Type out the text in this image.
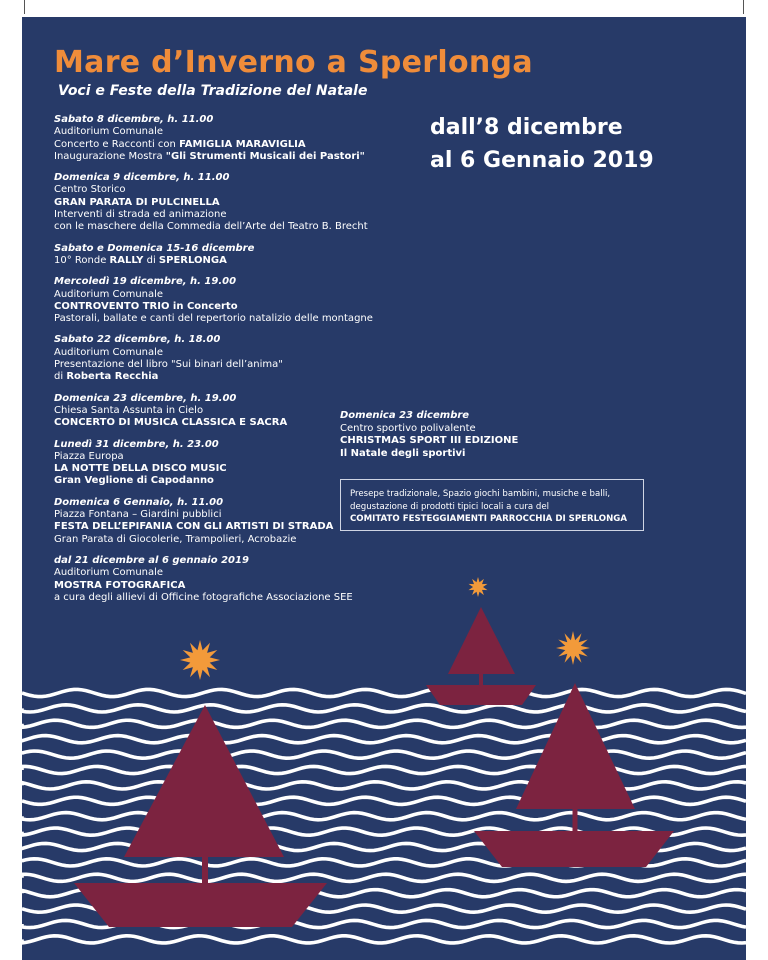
Mare d’Inverno a Sperlonga
Voci e Feste della Tradizione del Natale
dall’8 dicembre
al 6 Gennaio 2019
Sabato 8 dicembre, h. 11.00
Auditorium Comunale
Concerto e Racconti con FAMIGLIA MARAVIGLIA
Inaugurazione Mostra "Gli Strumenti Musicali dei Pastori"
Domenica 9 dicembre, h. 11.00
Centro Storico
GRAN PARATA DI PULCINELLA
Interventi di strada ed animazione
con le maschere della Commedia dell’Arte del Teatro B. Brecht
Sabato e Domenica 15-16 dicembre
10° Ronde RALLY di SPERLONGA
Mercoledì 19 dicembre, h. 19.00
Auditorium Comunale
CONTROVENTO TRIO in Concerto
Pastorali, ballate e canti del repertorio natalizio delle montagne
Sabato 22 dicembre, h. 18.00
Auditorium Comunale
Presentazione del libro "Sui binari dell’anima"
di Roberta Recchia
Domenica 23 dicembre, h. 19.00
Chiesa Santa Assunta in Cielo
CONCERTO DI MUSICA CLASSICA E SACRA
Lunedì 31 dicembre, h. 23.00
Piazza Europa
LA NOTTE DELLA DISCO MUSIC
Gran Veglione di Capodanno
Domenica 6 Gennaio, h. 11.00
Piazza Fontana – Giardini pubblici
FESTA DELL’EPIFANIA CON GLI ARTISTI DI STRADA
Gran Parata di Giocolerie, Trampolieri, Acrobazie
dal 21 dicembre al 6 gennaio 2019
Auditorium Comunale
MOSTRA FOTOGRAFICA
a cura degli allievi di Officine fotografiche Associazione SEE
Domenica 23 dicembre
Centro sportivo polivalente
CHRISTMAS SPORT III EDIZIONE
Il Natale degli sportivi
Presepe tradizionale, Spazio giochi bambini, musiche e balli,
degustazione di prodotti tipici locali a cura del
COMITATO FESTEGGIAMENTI PARROCCHIA DI SPERLONGA
